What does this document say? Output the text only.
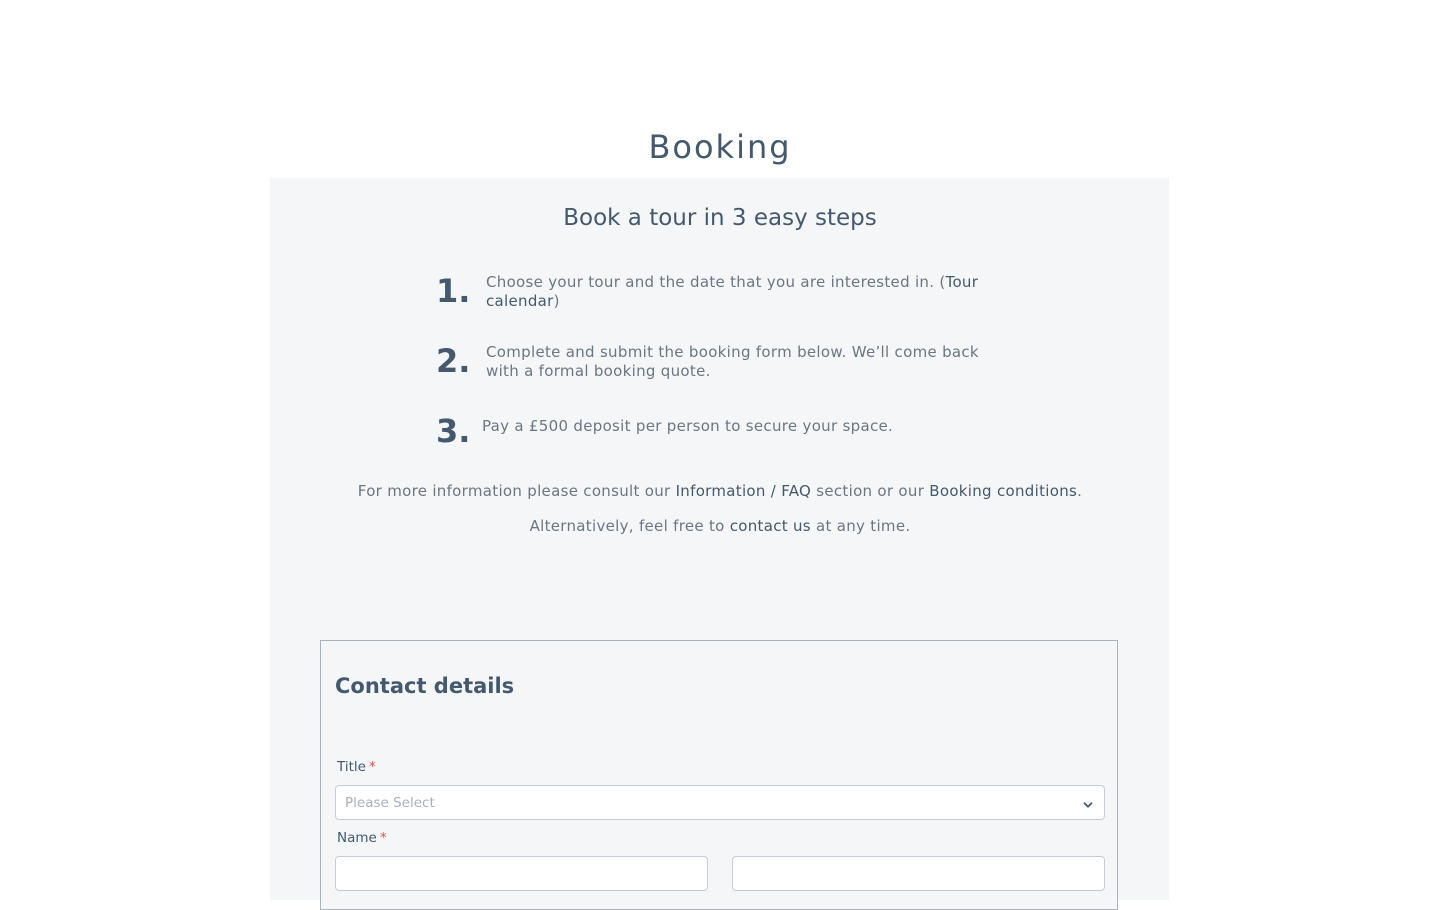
Booking
Book a tour in 3 easy steps
1. Choose your tour and the date that you are interested in. (Tour calendar)
2. Complete and submit the booking form below. We’ll come back with a formal booking quote.
3. Pay a £500 deposit per person to secure your space.
For more information please consult our Information / FAQ section or our Booking conditions.
Alternatively, feel free to contact us at any time.
Contact details
Title *
Please Select
Name *
